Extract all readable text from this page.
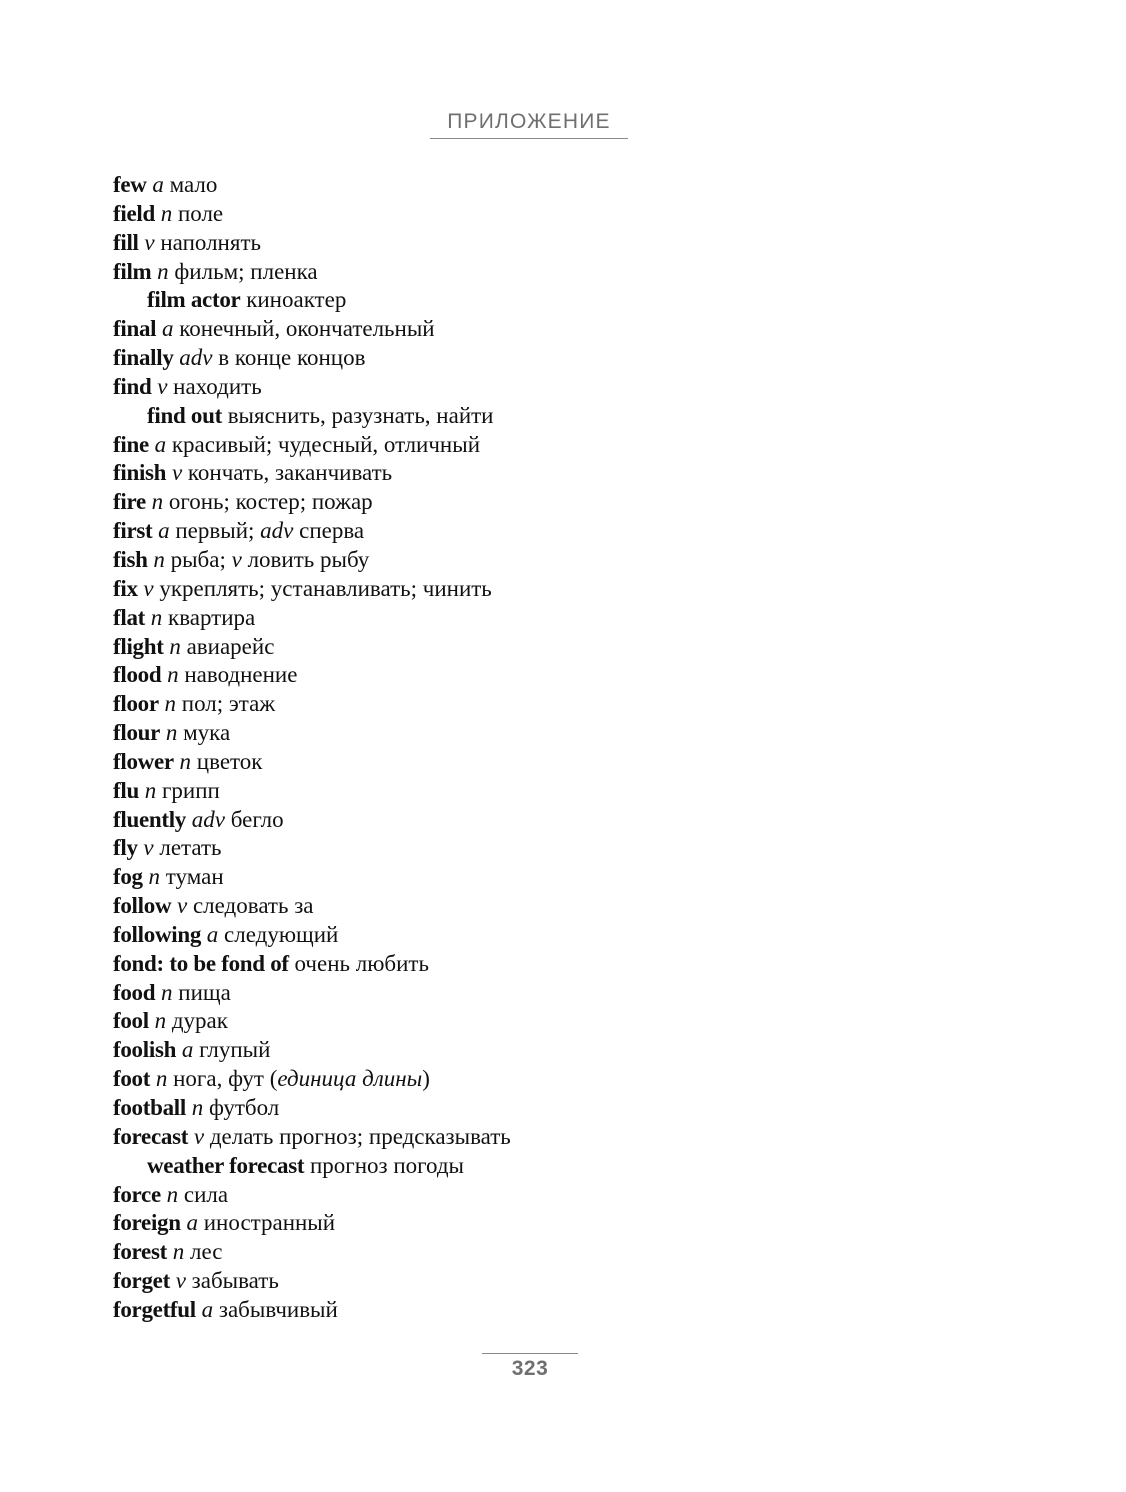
ПРИЛОЖЕНИЕ
few a мало
field n поле
fill v наполнять
film n фильм; пленка
film actor киноактер
final a конечный, окончательный
finally adv в конце концов
find v находить
find out выяснить, разузнать, найти
fine a красивый; чудесный, отличный
finish v кончать, заканчивать
fire n огонь; костер; пожар
first a первый; adv сперва
fish n рыба; v ловить рыбу
fix v укреплять; устанавливать; чинить
flat n квартира
flight n авиарейс
flood n наводнение
floor n пол; этаж
flour n мука
flower n цветок
flu n грипп
fluently adv бегло
fly v летать
fog n туман
follow v следовать за
following a следующий
fond: to be fond of очень любить
food n пища
fool n дурак
foolish a глупый
foot n нога, фут (единица длины)
football n футбол
forecast v делать прогноз; предсказывать
weather forecast прогноз погоды
force n сила
foreign a иностранный
forest n лес
forget v забывать
forgetful a забывчивый
323
